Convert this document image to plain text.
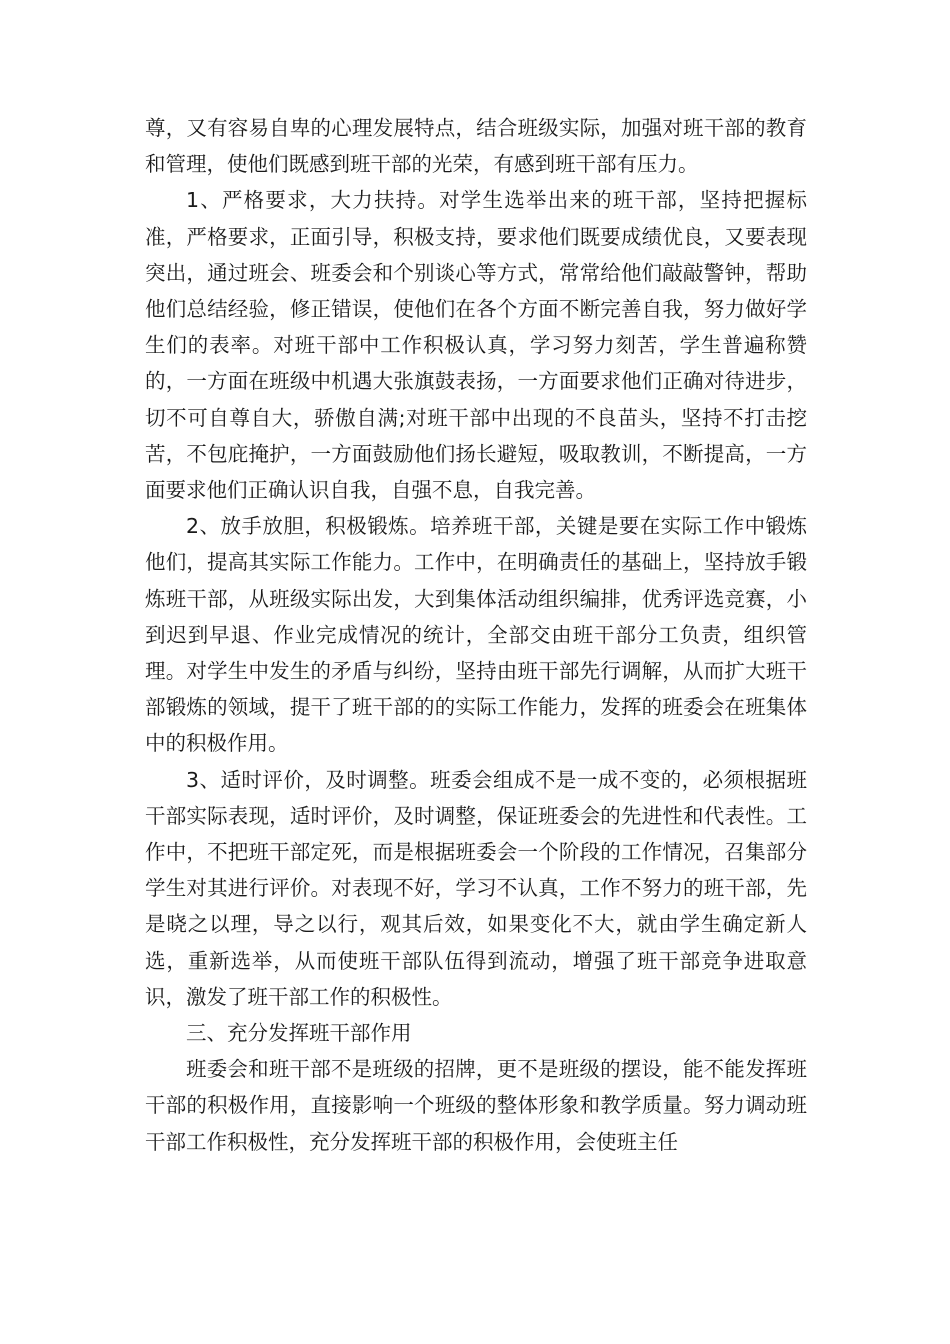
尊，又有容易自卑的心理发展特点，结合班级实际，加强对班干部的教育和管理，使他们既感到班干部的光荣，有感到班干部有压力。

1、严格要求，大力扶持。对学生选举出来的班干部，坚持把握标准，严格要求，正面引导，积极支持，要求他们既要成绩优良，又要表现突出，通过班会、班委会和个别谈心等方式，常常给他们敲敲警钟，帮助他们总结经验，修正错误，使他们在各个方面不断完善自我，努力做好学生们的表率。对班干部中工作积极认真，学习努力刻苦，学生普遍称赞的，一方面在班级中机遇大张旗鼓表扬，一方面要求他们正确对待进步，切不可自尊自大，骄傲自满;对班干部中出现的不良苗头，坚持不打击挖苦，不包庇掩护，一方面鼓励他们扬长避短，吸取教训，不断提高，一方面要求他们正确认识自我，自强不息，自我完善。

2、放手放胆，积极锻炼。培养班干部，关键是要在实际工作中锻炼他们，提高其实际工作能力。工作中，在明确责任的基础上，坚持放手锻炼班干部，从班级实际出发，大到集体活动组织编排，优秀评选竞赛，小到迟到早退、作业完成情况的统计，全部交由班干部分工负责，组织管理。对学生中发生的矛盾与纠纷，坚持由班干部先行调解，从而扩大班干部锻炼的领域，提干了班干部的的实际工作能力，发挥的班委会在班集体中的积极作用。

3、适时评价，及时调整。班委会组成不是一成不变的，必须根据班干部实际表现，适时评价，及时调整，保证班委会的先进性和代表性。工作中，不把班干部定死，而是根据班委会一个阶段的工作情况，召集部分学生对其进行评价。对表现不好，学习不认真，工作不努力的班干部，先是晓之以理，导之以行，观其后效，如果变化不大，就由学生确定新人选，重新选举，从而使班干部队伍得到流动，增强了班干部竞争进取意识，激发了班干部工作的积极性。

三、充分发挥班干部作用

班委会和班干部不是班级的招牌，更不是班级的摆设，能不能发挥班干部的积极作用，直接影响一个班级的整体形象和教学质量。努力调动班干部工作积极性，充分发挥班干部的积极作用，会使班主任
